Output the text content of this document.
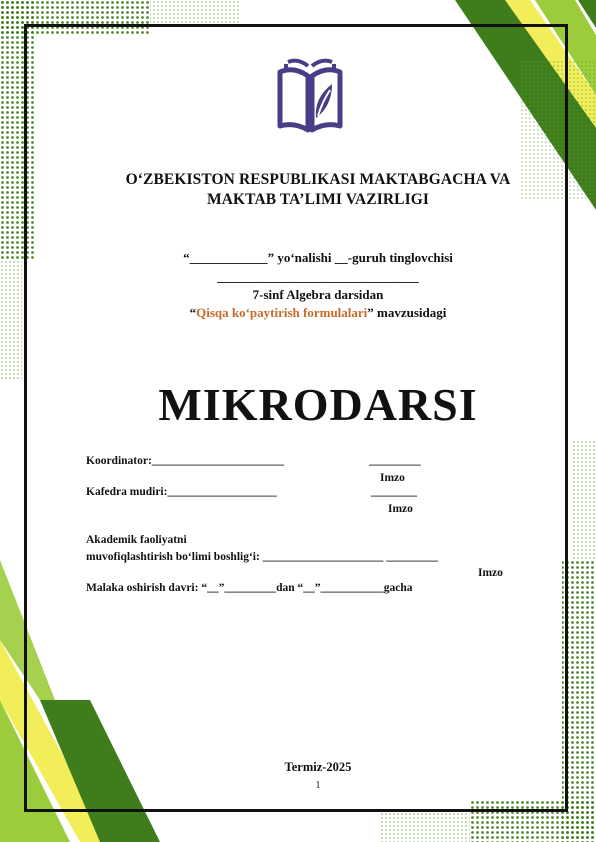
O‘ZBEKISTON RESPUBLIKASI MAKTABGACHA VA
MAKTAB TA’LIMI VAZIRLIGI
“____________” yo‘nalishi __-guruh tinglovchisi
_______________________________
7-sinf Algebra darsidan
“Qisqa ko‘paytirish formulalari” mavzusidagi
MIKRODARSI
Koordinator:_______________________	_________
Imzo
Kafedra mudiri:___________________	________
Imzo
Akademik faoliyatni
muvofiqlashtirish bo‘limi boshlig‘i: _____________________ _________
Imzo
Malaka oshirish davri: “__”_________dan “__”___________gacha
Termiz-2025
1
